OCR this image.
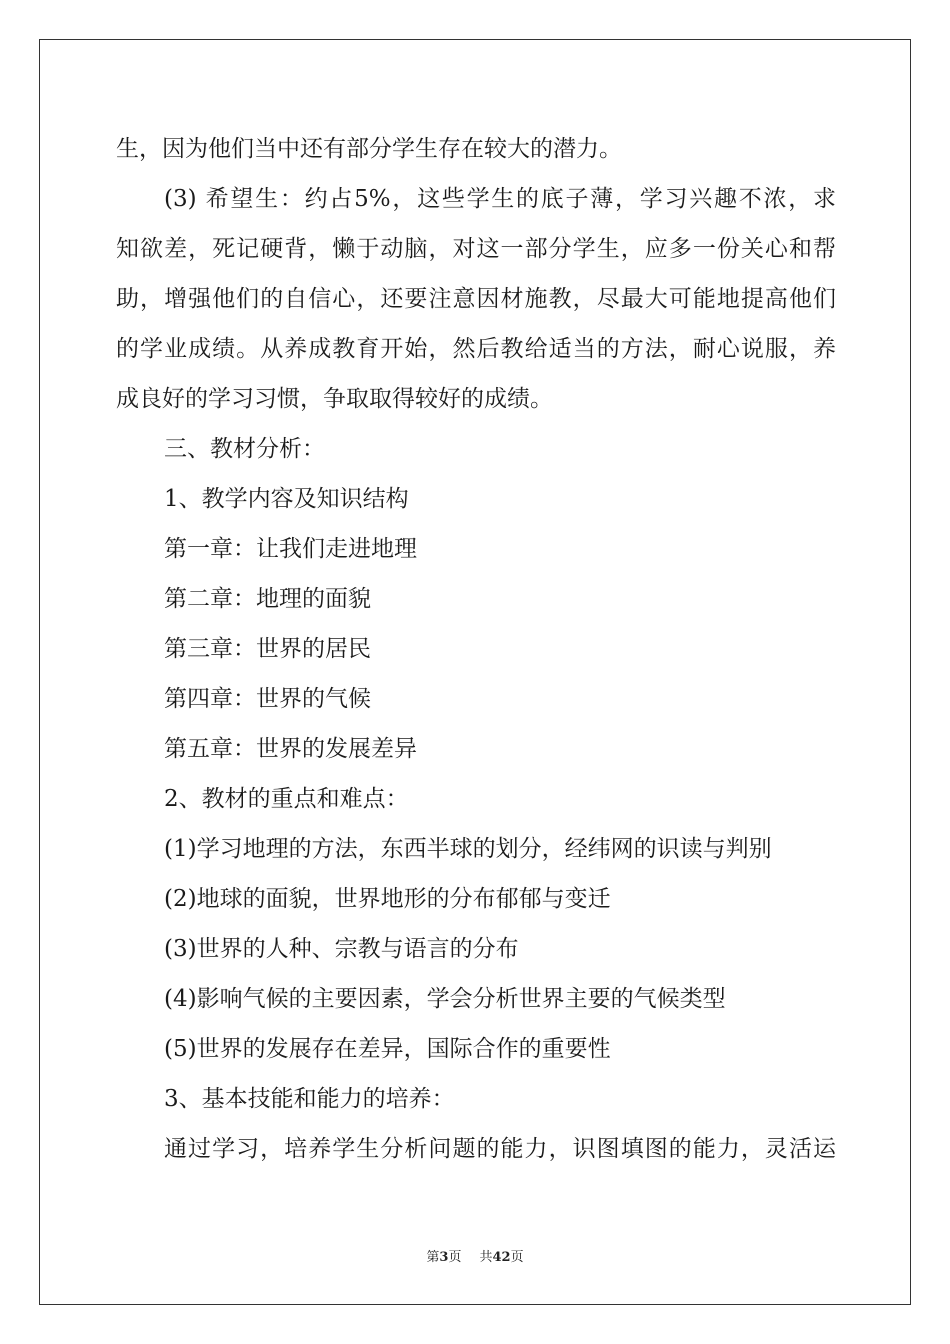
生，因为他们当中还有部分学生存在较大的潜力。
(3) 希望生：约占5%，这些学生的底子薄，学习兴趣不浓，求
知欲差，死记硬背，懒于动脑，对这一部分学生，应多一份关心和帮
助，增强他们的自信心，还要注意因材施教，尽最大可能地提高他们
的学业成绩。从养成教育开始，然后教给适当的方法，耐心说服，养
成良好的学习习惯，争取取得较好的成绩。
三、教材分析：
1、教学内容及知识结构
第一章：让我们走进地理
第二章：地理的面貌
第三章：世界的居民
第四章：世界的气候
第五章：世界的发展差异
2、教材的重点和难点：
(1)学习地理的方法，东西半球的划分，经纬网的识读与判别
(2)地球的面貌，世界地形的分布郁郁与变迁
(3)世界的人种、宗教与语言的分布
(4)影响气候的主要因素，学会分析世界主要的气候类型
(5)世界的发展存在差异，国际合作的重要性
3、基本技能和能力的培养：
通过学习，培养学生分析问题的能力，识图填图的能力，灵活运
第3页 共42页
